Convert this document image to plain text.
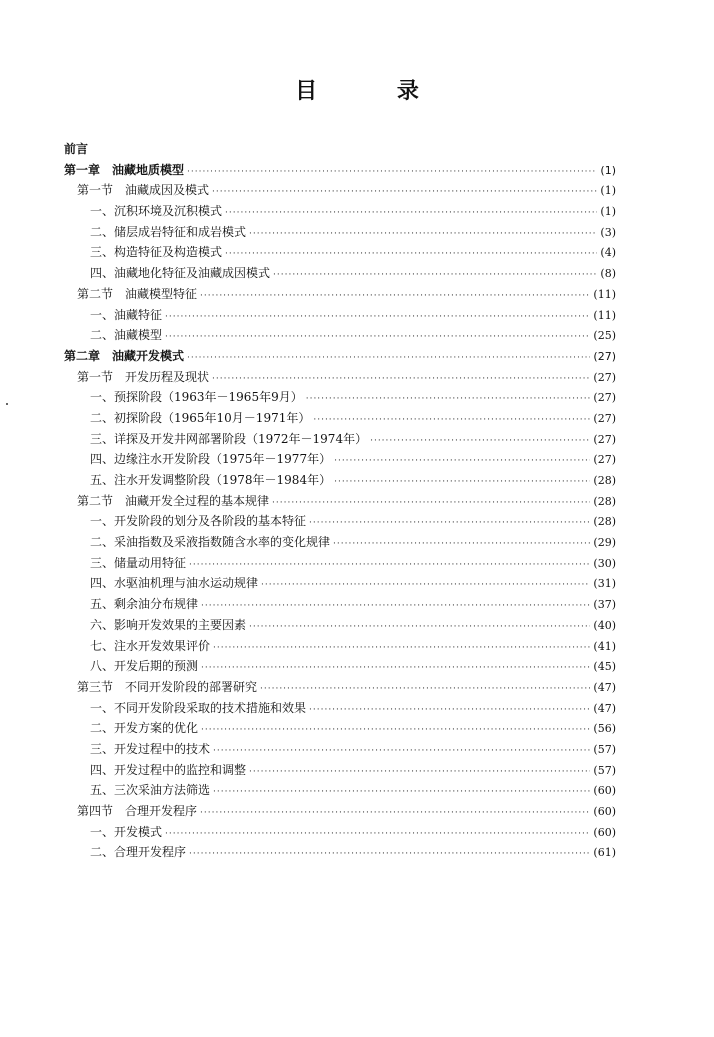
目 录
前言
第一章　油藏地质模型 ·····	(1)
第一节　油藏成因及模式 ·····	(1)
一、沉积环境及沉积模式 ·····	(1)
二、储层成岩特征和成岩模式 ·····	(3)
三、构造特征及构造模式 ·····	(4)
四、油藏地化特征及油藏成因模式 ·····	(8)
第二节　油藏模型特征 ·····	(11)
一、油藏特征 ·····	(11)
二、油藏模型 ·····	(25)
第二章　油藏开发模式 ·····	(27)
第一节　开发历程及现状 ·····	(27)
一、预探阶段（1963年－1965年9月） ·····	(27)
二、初探阶段（1965年10月－1971年） ·····	(27)
三、详探及开发井网部署阶段（1972年－1974年） ·····	(27)
四、边缘注水开发阶段（1975年－1977年） ·····	(27)
五、注水开发调整阶段（1978年－1984年） ·····	(28)
第二节　油藏开发全过程的基本规律 ·····	(28)
一、开发阶段的划分及各阶段的基本特征 ·····	(28)
二、采油指数及采液指数随含水率的变化规律 ·····	(29)
三、储量动用特征 ·····	(30)
四、水驱油机理与油水运动规律 ·····	(31)
五、剩余油分布规律 ·····	(37)
六、影响开发效果的主要因素 ·····	(40)
七、注水开发效果评价 ·····	(41)
八、开发后期的预测 ·····	(45)
第三节　不同开发阶段的部署研究 ·····	(47)
一、不同开发阶段采取的技术措施和效果 ·····	(47)
二、开发方案的优化 ·····	(56)
三、开发过程中的技术 ·····	(57)
四、开发过程中的监控和调整 ·····	(57)
五、三次采油方法筛选 ·····	(60)
第四节　合理开发程序 ·····	(60)
一、开发模式 ·····	(60)
二、合理开发程序 ·····	(61)
